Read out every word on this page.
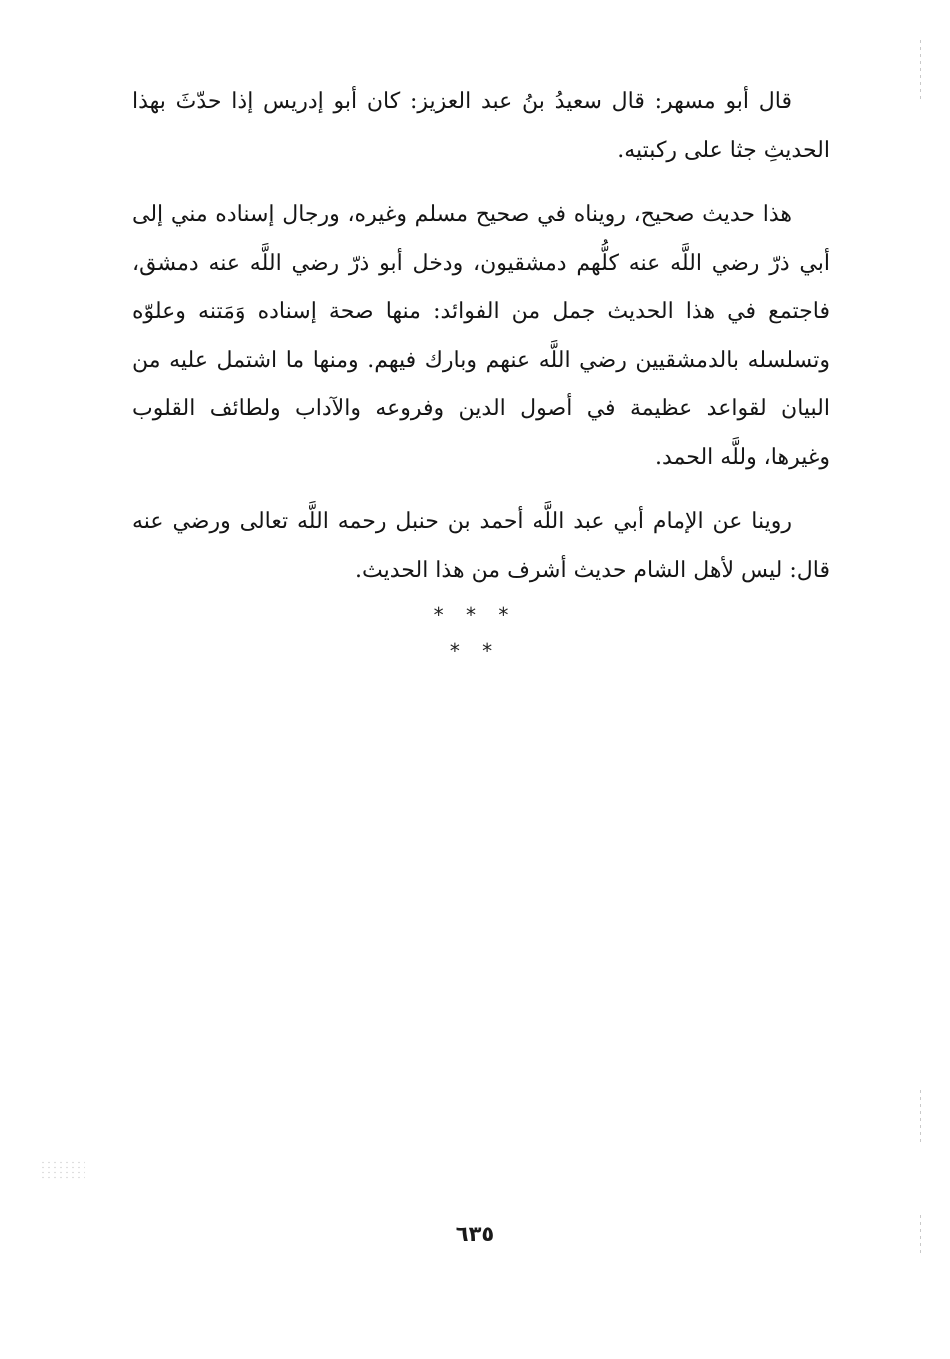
قال أبو مسهر: قال سعيدُ بنُ عبد العزيز: كان أبو إدريس إذا حدّثَ بهذا الحديثِ جثا على ركبتيه.

هذا حديث صحيح، رويناه في صحيح مسلم وغيره، ورجال إسناده مني إلى أبي ذرّ رضي اللَّه عنه كلُّهم دمشقيون، ودخل أبو ذرّ رضي اللَّه عنه دمشق، فاجتمع في هذا الحديث جمل من الفوائد: منها صحة إسناده وَمَتنه وعلوّه وتسلسله بالدمشقيين رضي اللَّه عنهم وبارك فيهم. ومنها ما اشتمل عليه من البيان لقواعد عظيمة في أصول الدين وفروعه والآداب ولطائف القلوب وغيرها، وللَّه الحمد.

روينا عن الإمام أبي عبد اللَّه أحمد بن حنبل رحمه اللَّه تعالى ورضي عنه قال: ليس لأهل الشام حديث أشرف من هذا الحديث.

* * *
* *
٦٣٥
